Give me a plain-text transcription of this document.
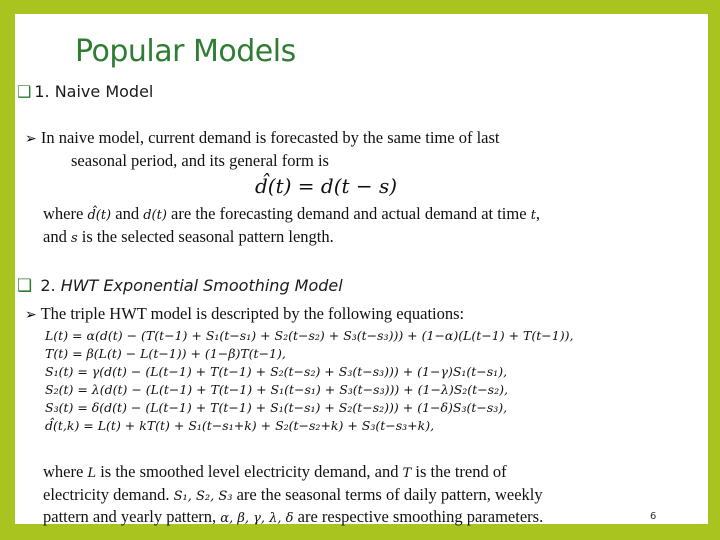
Popular Models
❑ 1. Naive Model
➢ In naive model, current demand is forecasted by the same time of last
seasonal period, and its general form is
d̂(t) = d(t − s)
where d̂(t) and d(t) are the forecasting demand and actual demand at time t,
and s is the selected seasonal pattern length.
❑ 2. HWT Exponential Smoothing Model
➢ The triple HWT model is descripted by the following equations:
L(t) = α(d(t) − (T(t−1) + S₁(t−s₁) + S₂(t−s₂) + S₃(t−s₃))) + (1−α)(L(t−1) + T(t−1)),
T(t) = β(L(t) − L(t−1)) + (1−β)T(t−1),
S₁(t) = γ(d(t) − (L(t−1) + T(t−1) + S₂(t−s₂) + S₃(t−s₃))) + (1−γ)S₁(t−s₁),
S₂(t) = λ(d(t) − (L(t−1) + T(t−1) + S₁(t−s₁) + S₃(t−s₃))) + (1−λ)S₂(t−s₂),
S₃(t) = δ(d(t) − (L(t−1) + T(t−1) + S₁(t−s₁) + S₂(t−s₂))) + (1−δ)S₃(t−s₃),
d̂(t,k) = L(t) + kT(t) + S₁(t−s₁+k) + S₂(t−s₂+k) + S₃(t−s₃+k),
where L is the smoothed level electricity demand, and T is the trend of
electricity demand. S₁, S₂, S₃ are the seasonal terms of daily pattern, weekly
pattern and yearly pattern, α, β, γ, λ, δ are respective smoothing parameters.	6
